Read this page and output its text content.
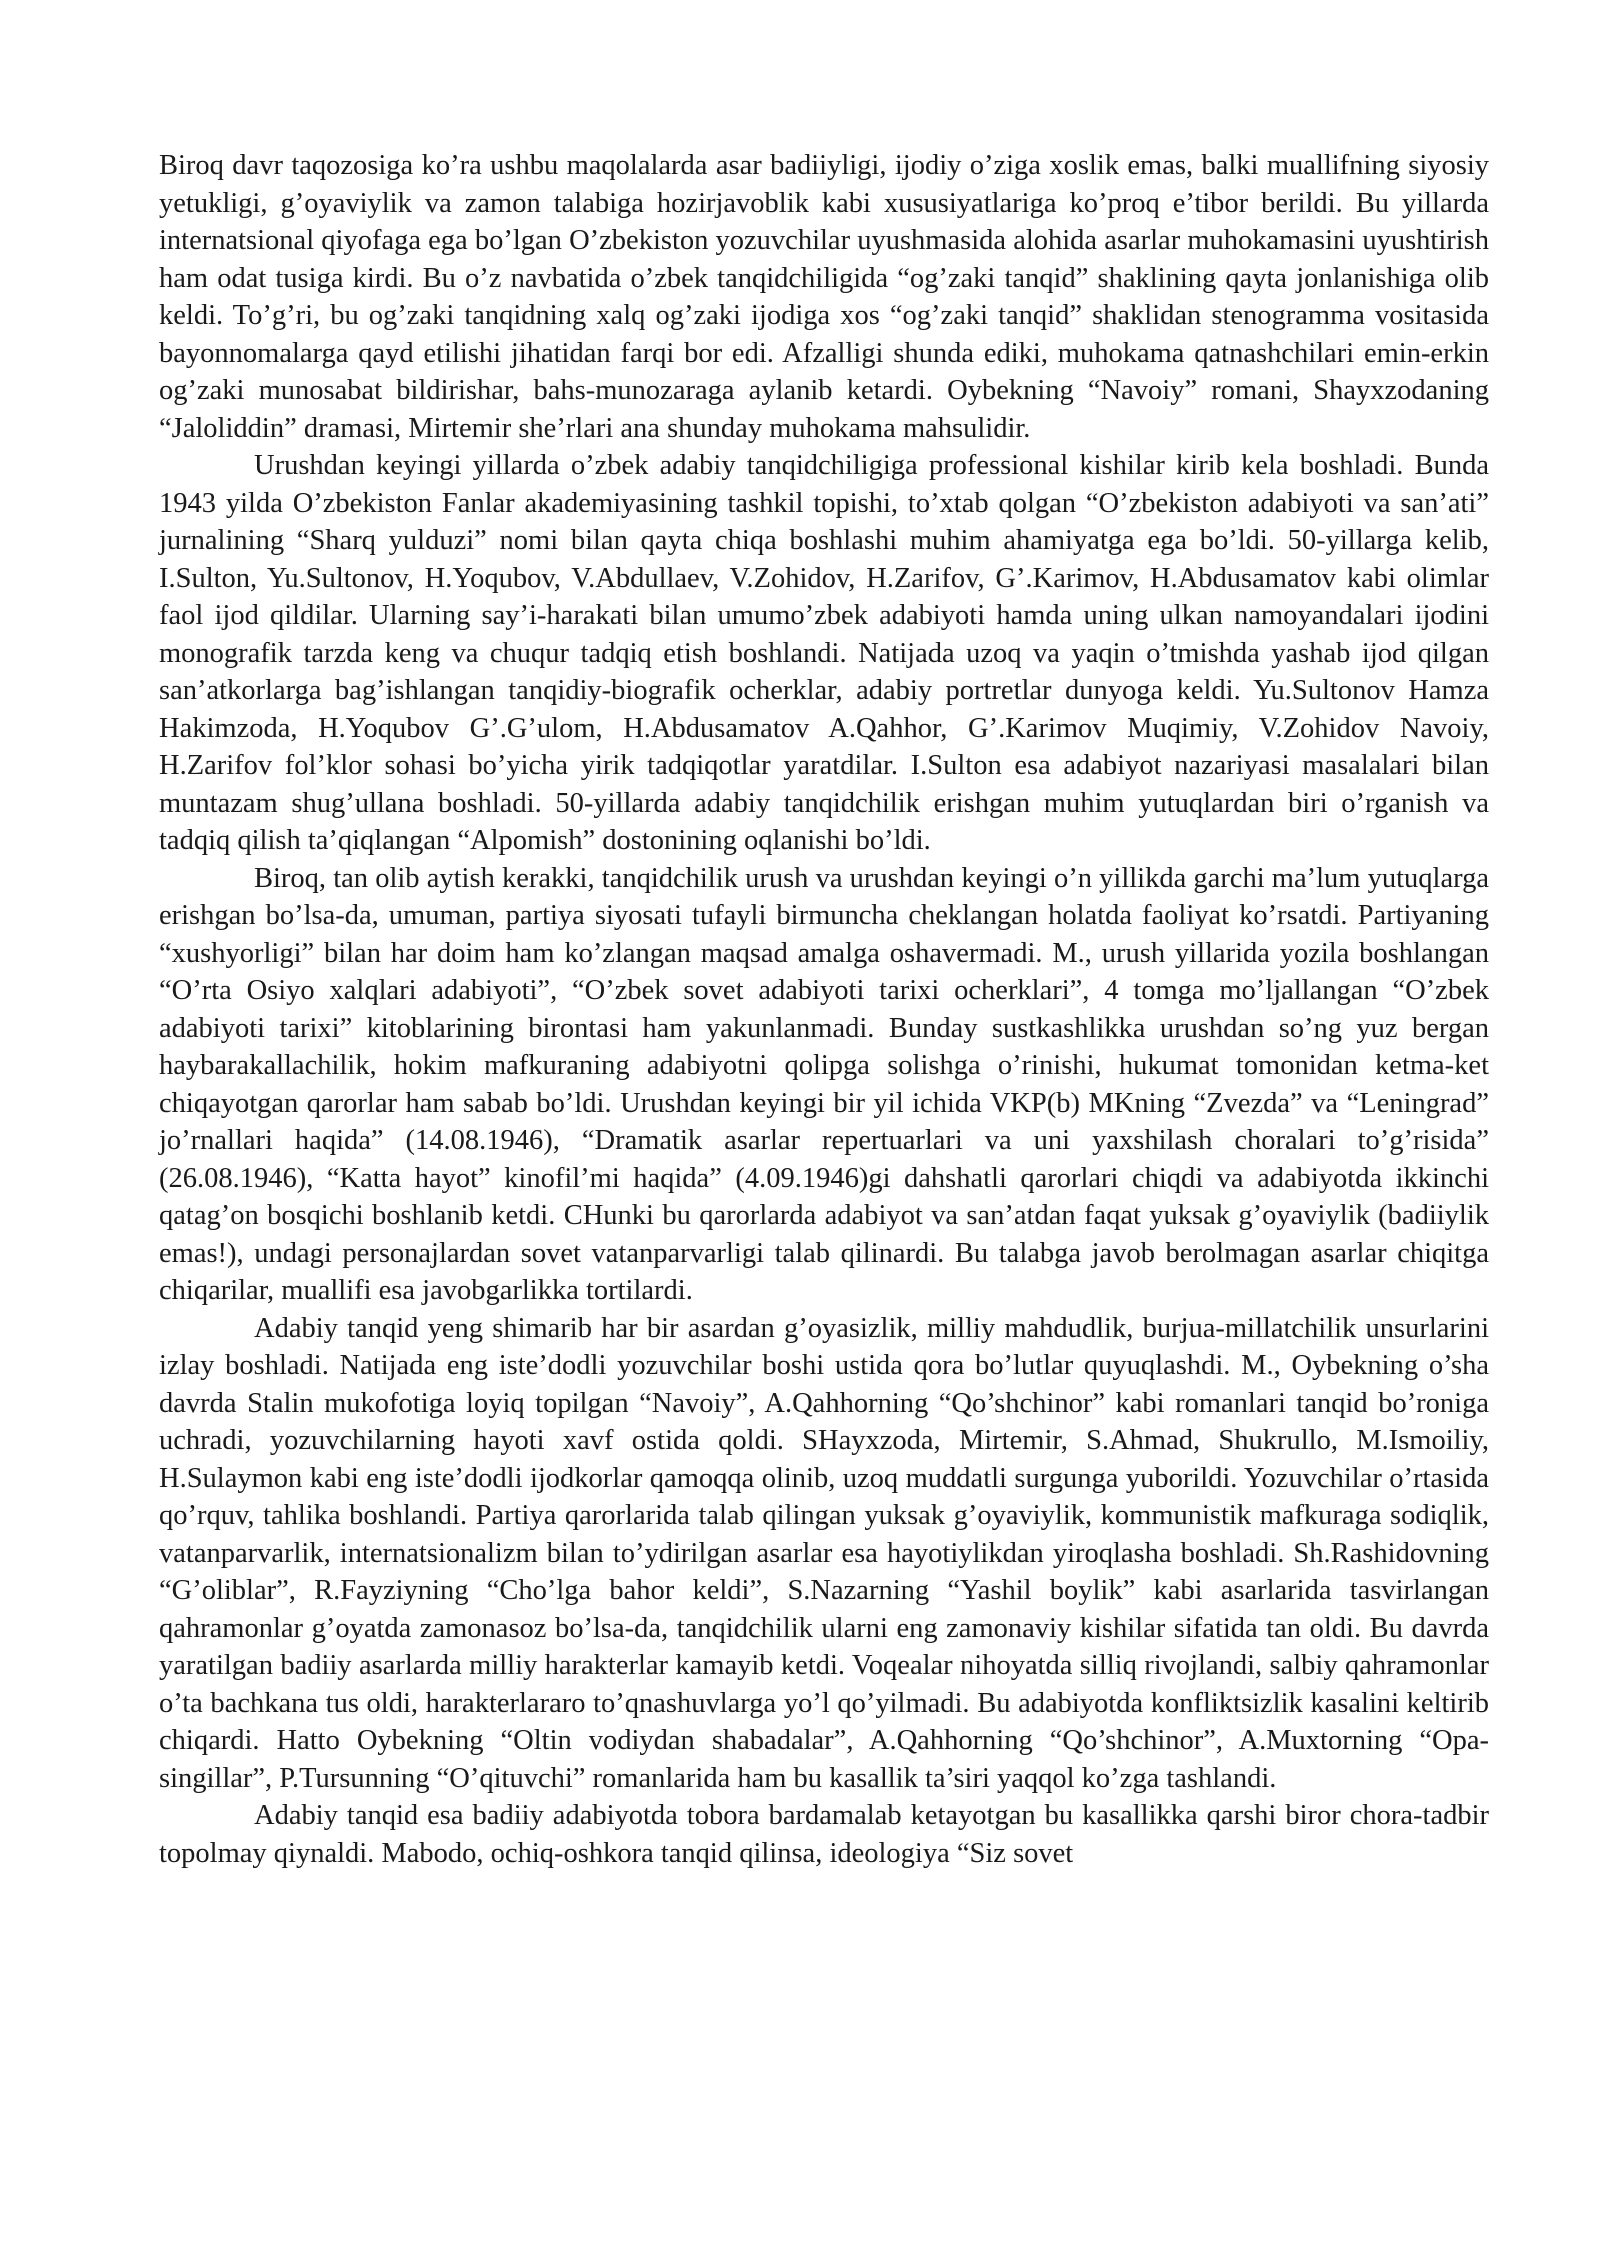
Biroq davr taqozosiga ko’ra ushbu maqolalarda asar badiiyligi, ijodiy o’ziga xoslik emas, balki muallifning siyosiy yetukligi, g’oyaviylik va zamon talabiga hozirjavoblik kabi xususiyatlariga ko’proq e’tibor berildi. Bu yillarda internatsional qiyofaga ega bo’lgan O’zbekiston yozuvchilar uyushmasida alohida asarlar muhokamasini uyushtirish ham odat tusiga kirdi. Bu o’z navbatida o’zbek tanqidchiligida “og’zaki tanqid” shaklining qayta jonlanishiga olib keldi. To’g’ri, bu og’zaki tanqidning xalq og’zaki ijodiga xos “og’zaki tanqid” shaklidan stenogramma vositasida bayonnomalarga qayd etilishi jihatidan farqi bor edi. Afzalligi shunda ediki, muhokama qatnashchilari emin-erkin og’zaki munosabat bildirishar, bahs-munozaraga aylanib ketardi. Oybekning “Navoiy” romani, Shayxzodaning “Jaloliddin” dramasi, Mirtemir she’rlari ana shunday muhokama mahsulidir.

Urushdan keyingi yillarda o’zbek adabiy tanqidchiligiga professional kishilar kirib kela boshladi. Bunda 1943 yilda O’zbekiston Fanlar akademiyasining tashkil topishi, to’xtab qolgan “O’zbekiston adabiyoti va san’ati” jurnalining “Sharq yulduzi” nomi bilan qayta chiqa boshlashi muhim ahamiyatga ega bo’ldi. 50-yillarga kelib, I.Sulton, Yu.Sultonov, H.Yoqubov, V.Abdullaev, V.Zohidov, H.Zarifov, G’.Karimov, H.Abdusamatov kabi olimlar faol ijod qildilar. Ularning say’i-harakati bilan umumo’zbek adabiyoti hamda uning ulkan namoyandalari ijodini monografik tarzda keng va chuqur tadqiq etish boshlandi. Natijada uzoq va yaqin o’tmishda yashab ijod qilgan san’atkorlarga bag’ishlangan tanqidiy-biografik ocherklar, adabiy portretlar dunyoga keldi. Yu.Sultonov Hamza Hakimzoda, H.Yoqubov G’.G’ulom, H.Abdusamatov A.Qahhor, G’.Karimov Muqimiy, V.Zohidov Navoiy, H.Zarifov fol’klor sohasi bo’yicha yirik tadqiqotlar yaratdilar. I.Sulton esa adabiyot nazariyasi masalalari bilan muntazam shug’ullana boshladi. 50-yillarda adabiy tanqidchilik erishgan muhim yutuqlardan biri o’rganish va tadqiq qilish ta’qiqlangan “Alpomish” dostonining oqlanishi bo’ldi.

Biroq, tan olib aytish kerakki, tanqidchilik urush va urushdan keyingi o’n yillikda garchi ma’lum yutuqlarga erishgan bo’lsa-da, umuman, partiya siyosati tufayli birmuncha cheklangan holatda faoliyat ko’rsatdi. Partiyaning “xushyorligi” bilan har doim ham ko’zlangan maqsad amalga oshavermadi. M., urush yillarida yozila boshlangan “O’rta Osiyo xalqlari adabiyoti”, “O’zbek sovet adabiyoti tarixi ocherklari”, 4 tomga mo’ljallangan “O’zbek adabiyoti tarixi” kitoblarining birontasi ham yakunlanmadi. Bunday sustkashlikka urushdan so’ng yuz bergan haybarakallachilik, hokim mafkuraning adabiyotni qolipga solishga o’rinishi, hukumat tomonidan ketma-ket chiqayotgan qarorlar ham sabab bo’ldi. Urushdan keyingi bir yil ichida VKP(b) MKning “Zvezda” va “Leningrad” jo’rnallari haqida” (14.08.1946), “Dramatik asarlar repertuarlari va uni yaxshilash choralari to’g’risida” (26.08.1946), “Katta hayot” kinofil’mi haqida” (4.09.1946)gi dahshatli qarorlari chiqdi va adabiyotda ikkinchi qatag’on bosqichi boshlanib ketdi. CHunki bu qarorlarda adabiyot va san’atdan faqat yuksak g’oyaviylik (badiiylik emas!), undagi personajlardan sovet vatanparvarligi talab qilinardi. Bu talabga javob berolmagan asarlar chiqitga chiqarilar, muallifi esa javobgarlikka tortilardi.

Adabiy tanqid yeng shimarib har bir asardan g’oyasizlik, milliy mahdudlik, burjua-millatchilik unsurlarini izlay boshladi. Natijada eng iste’dodli yozuvchilar boshi ustida qora bo’lutlar quyuqlashdi. M., Oybekning o’sha davrda Stalin mukofotiga loyiq topilgan “Navoiy”, A.Qahhorning “Qo’shchinor” kabi romanlari tanqid bo’roniga uchradi, yozuvchilarning hayoti xavf ostida qoldi. SHayxzoda, Mirtemir, S.Ahmad, Shukrullo, M.Ismoiliy, H.Sulaymon kabi eng iste’dodli ijodkorlar qamoqqa olinib, uzoq muddatli surgunga yuborildi. Yozuvchilar o’rtasida qo’rquv, tahlika boshlandi. Partiya qarorlarida talab qilingan yuksak g’oyaviylik, kommunistik mafkuraga sodiqlik, vatanparvarlik, internatsionalizm bilan to’ydirilgan asarlar esa hayotiylikdan yiroqlasha boshladi. Sh.Rashidovning “G’oliblar”, R.Fayziyning “Cho’lga bahor keldi”, S.Nazarning “Yashil boylik” kabi asarlarida tasvirlangan qahramonlar g’oyatda zamonasoz bo’lsa-da, tanqidchilik ularni eng zamonaviy kishilar sifatida tan oldi. Bu davrda yaratilgan badiiy asarlarda milliy harakterlar kamayib ketdi. Voqealar nihoyatda silliq rivojlandi, salbiy qahramonlar o’ta bachkana tus oldi, harakterlararo to’qnashuvlarga yo’l qo’yilmadi. Bu adabiyotda konfliktsizlik kasalini keltirib chiqardi. Hatto Oybekning “Oltin vodiydan shabadalar”, A.Qahhorning “Qo’shchinor”, A.Muxtorning “Opa-singillar”, P.Tursunning “O’qituvchi” romanlarida ham bu kasallik ta’siri yaqqol ko’zga tashlandi.

Adabiy tanqid esa badiiy adabiyotda tobora bardamalab ketayotgan bu kasallikka qarshi biror chora-tadbir topolmay qiynaldi. Mabodo, ochiq-oshkora tanqid qilinsa, ideologiya “Siz sovet
